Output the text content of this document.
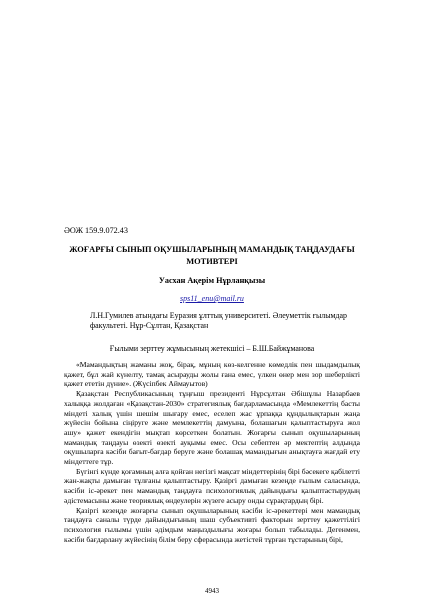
ӘОЖ 159.9.072.43
ЖОҒАРҒЫ СЫНЫП ОҚУШЫЛАРЫНЫҢ МАМАНДЫҚ ТАҢДАУДАҒЫ МОТИВТЕРІ
Уасхан Ақерім Нұрланқызы
sps11_enu@mail.ru
Л.Н.Гумилев атындағы Еуразия ұлттық университеті. Әлеуметтік ғылымдар факультеті. Нұр-Сұлтан, Қазақстан
Ғылыми зерттеу жұмысының жетекшісі – Б.Ш.Байжұманова

«Мамандықтың жаманы жоқ, бірақ, мұның көз-келгенне көмедлік пен шыдамдылық қажет, бұл жай күнелту, тамақ асырауды жолы ғана емес, үлкен өнер мен зор шеберлікті қажет ететін дүние». (Жүсіпбек Аймауытов)

Қазақстан Республикасының тұңғыш президенті Нұрсұлтан Әбішұлы Назарбаев халыққа жолдаған «Қазақстан-2030» стратегиялық бағдарламасында «Мемлекеттің басты міндеті халық үшін шешім шығару емес, еселеп жас ұрпаққа құндылықтарын жаңа жүйесін бойына сіңіруге және мемлекеттің дамуына, болашағын қалыптастыруға жол ашу» қажет екендігін мықтап көрсеткен болатын. Жоғарғы сынып оқушыларының мамандық таңдауы өзекті өзекті ауқымы емес. Осы себептен әр мектептің алдында оқушыларға кәсіби бағыт-бағдар беруге және болашақ мамандығын анықтауға жағдай ету міндеттеге тұр.

Бүгінгі күнде қоғамның алға қойған негізгі мақсат міндеттерінің бірі бәсекеге қабілетті жан-жақты дамыған тұлғаны қалыптастыру. Қазіргі дамыған кезеңде ғылым саласында, кәсіби іс-әрекет пен мамандық таңдауға психологиялық дайындығы қалыптастырудың әдістемасыны және теориялық өндеулерін жүзеге асыру онды сұрақтардың бірі.

Қазіргі кезеңде жоғарғы сынып оқушыларының кәсіби іс-әрекеттері мен мамандық таңдауға саналы түрде дайындығының шаш субъективті факторын зерттеу қажеттілігі психология ғылымы үшін әдімдым маңыздылығы жоғары болып табылады. Дегенмен, кәсіби бағдарлану жүйесінің білім беру сферасында жетістей тұрған тұстарының бірі,

4943
